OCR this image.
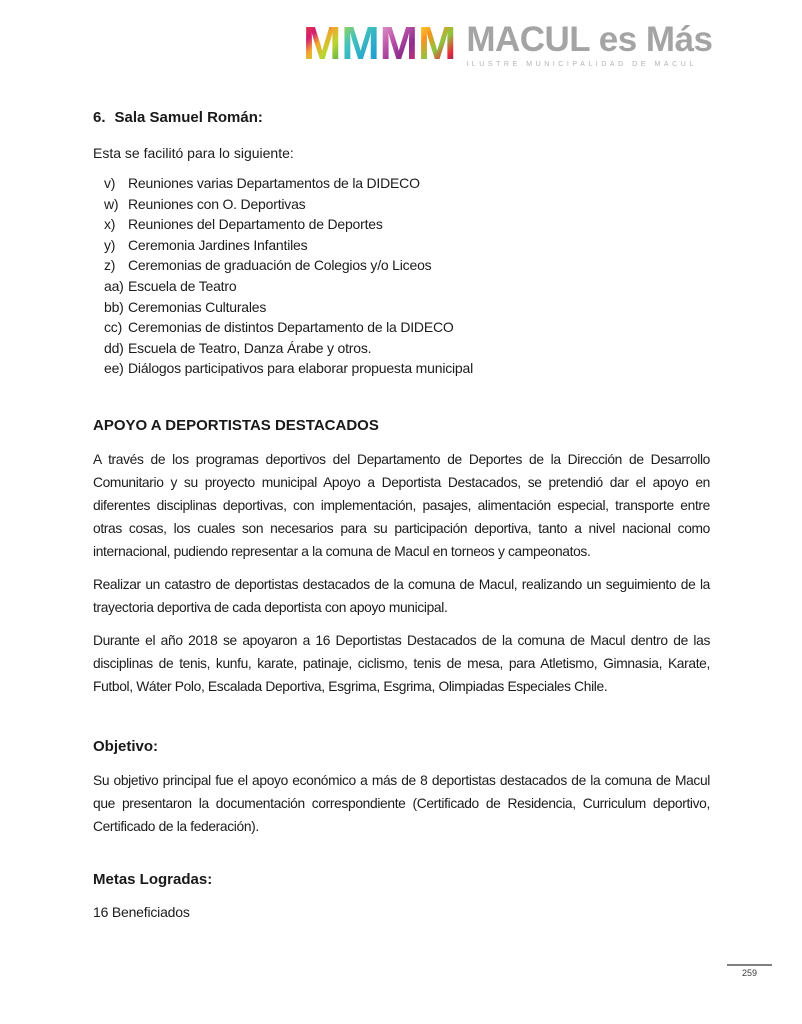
M M M M MACUL es Más
ILUSTRE MUNICIPALIDAD DE MACUL
6. Sala Samuel Román:
Esta se facilitó para lo siguiente:
v) Reuniones varias Departamentos de la DIDECO
w) Reuniones con O. Deportivas
x) Reuniones del Departamento de Deportes
y) Ceremonia Jardines Infantiles
z) Ceremonias de graduación de Colegios y/o Liceos
aa) Escuela de Teatro
bb) Ceremonias Culturales
cc) Ceremonias de distintos Departamento de la DIDECO
dd) Escuela de Teatro, Danza Árabe y otros.
ee) Diálogos participativos para elaborar propuesta municipal
APOYO A DEPORTISTAS DESTACADOS

A través de los programas deportivos del Departamento de Deportes de la Dirección de Desarrollo Comunitario y su proyecto municipal Apoyo a Deportista Destacados, se pretendió dar el apoyo en diferentes disciplinas deportivas, con implementación, pasajes, alimentación especial, transporte entre otras cosas, los cuales son necesarios para su participación deportiva, tanto a nivel nacional como internacional, pudiendo representar a la comuna de Macul en torneos y campeonatos.

Realizar un catastro de deportistas destacados de la comuna de Macul, realizando un seguimiento de la trayectoria deportiva de cada deportista con apoyo municipal.

Durante el año 2018 se apoyaron a 16 Deportistas Destacados de la comuna de Macul dentro de las disciplinas de tenis, kunfu, karate, patinaje, ciclismo, tenis de mesa, para Atletismo, Gimnasia, Karate, Futbol, Wáter Polo, Escalada Deportiva, Esgrima, Esgrima, Olimpiadas Especiales Chile.

Objetivo:

Su objetivo principal fue el apoyo económico a más de 8 deportistas destacados de la comuna de Macul que presentaron la documentación correspondiente (Certificado de Residencia, Curriculum deportivo, Certificado de la federación).

Metas Logradas:
16 Beneficiados
259
